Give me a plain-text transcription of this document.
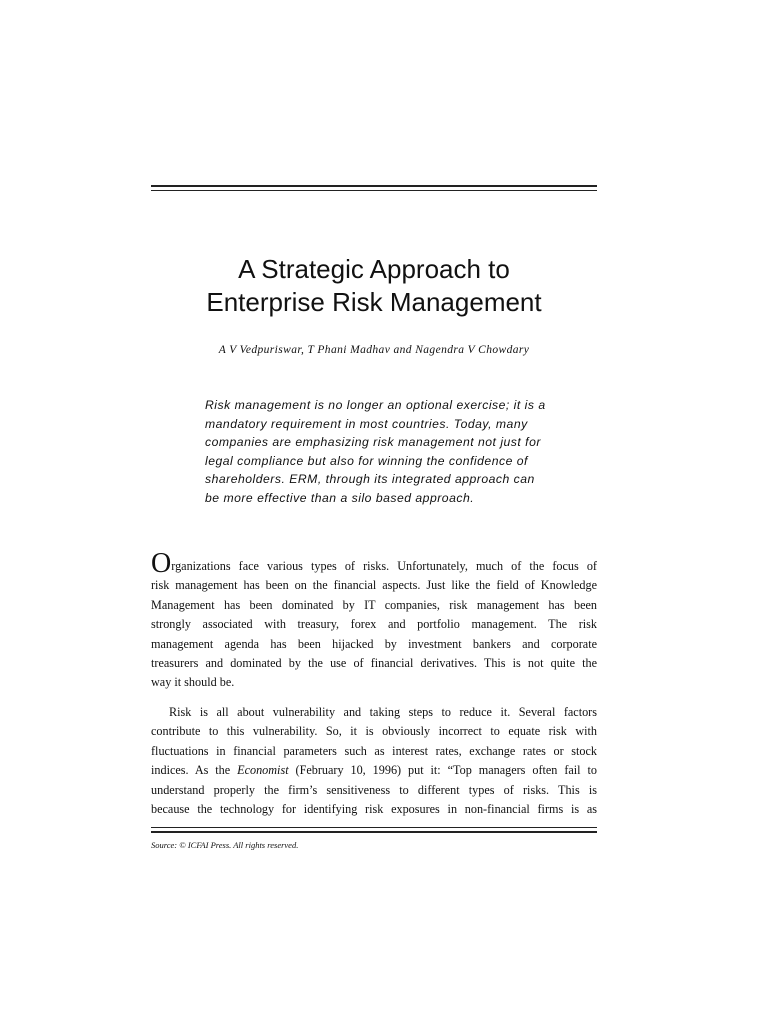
A Strategic Approach to
Enterprise Risk Management

A V Vedpuriswar, T Phani Madhav and Nagendra V Chowdary

Risk management is no longer an optional exercise; it is a
mandatory requirement in most countries. Today, many
companies are emphasizing risk management not just for
legal compliance but also for winning the confidence of
shareholders. ERM, through its integrated approach can
be more effective than a silo based approach.
Organizations face various types of risks. Unfortunately, much of the focus of
risk management has been on the financial aspects. Just like the field of Knowledge
Management has been dominated by IT companies, risk management has been
strongly associated with treasury, forex and portfolio management. The risk
management agenda has been hijacked by investment bankers and corporate
treasurers and dominated by the use of financial derivatives. This is not quite the
way it should be.
Risk is all about vulnerability and taking steps to reduce it. Several factors
contribute to this vulnerability. So, it is obviously incorrect to equate risk with
fluctuations in financial parameters such as interest rates, exchange rates or stock
indices. As the Economist (February 10, 1996) put it: “Top managers often fail to
understand properly the firm’s sensitiveness to different types of risks. This is
because the technology for identifying risk exposures in non-financial firms is as

Source: © ICFAI Press. All rights reserved.
